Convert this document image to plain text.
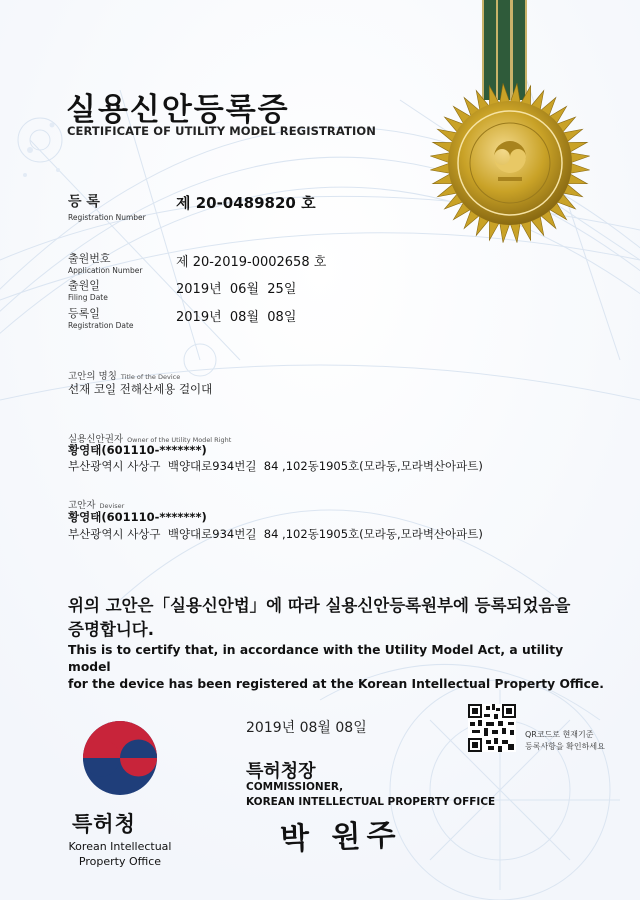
실용신안등록증
CERTIFICATE OF UTILITY MODEL REGISTRATION
등 록
Registration Number
제 20-0489820 호
출원번호
Application Number
제 20-2019-0002658 호
출원일
Filing Date
2019년  06월  25일
등록일
Registration Date
2019년  08월  08일
고안의 명칭 Title of the Device
선재 코일 전해산세용 걸이대
실용신안권자 Owner of the Utility Model Right
황영태(601110-*******)
부산광역시 사상구  백양대로934번길  84 ,102동1905호(모라동,모라벽산아파트)
고안자 Deviser
황영태(601110-*******)
부산광역시 사상구  백양대로934번길  84 ,102동1905호(모라동,모라벽산아파트)
위의 고안은「실용신안법」에 따라 실용신안등록원부에 등록되었음을
증명합니다.
This is to certify that, in accordance with the Utility Model Act, a utility model
for the device has been registered at the Korean Intellectual Property Office.
2019년 08월 08일	QR코드로 현재기준
등록사항을 확인하세요
특허청장
COMMISSIONER,
KOREAN INTELLECTUAL PROPERTY OFFICE
박 원주
특허청
Korean Intellectual
Property Office
